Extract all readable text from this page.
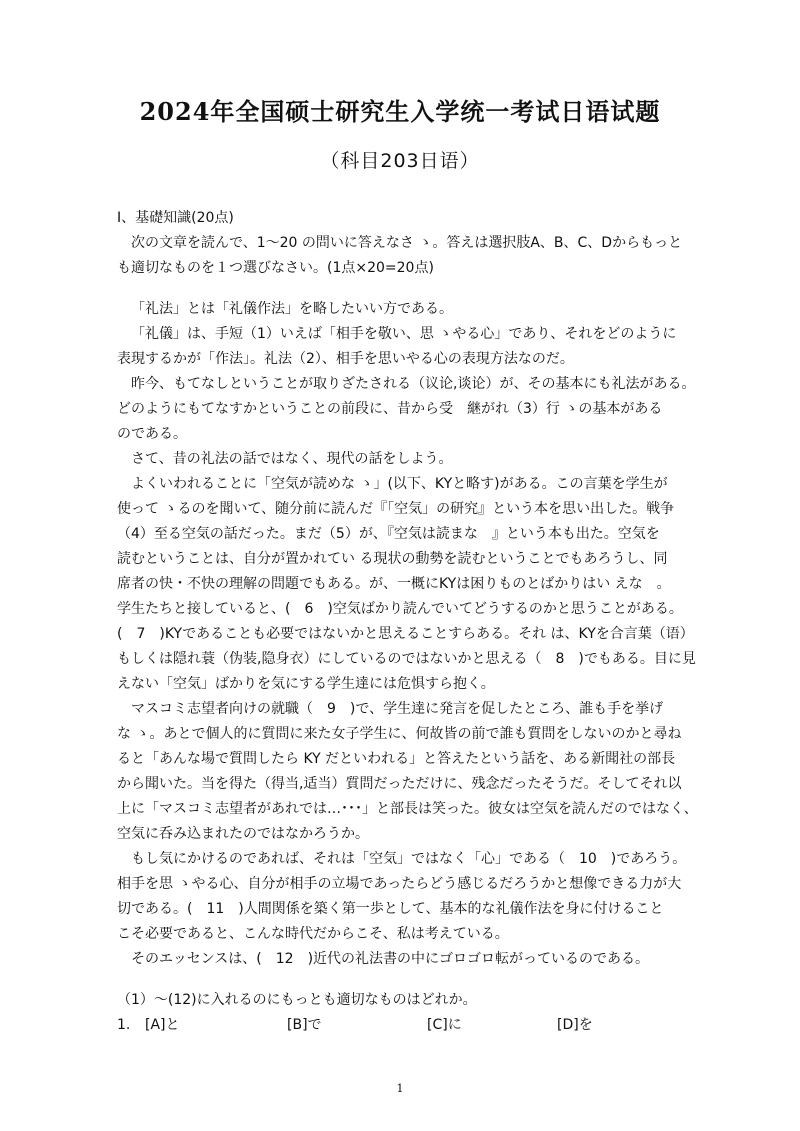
2024年全国硕士研究生入学统一考试日语试题
（科目203日语）
I、基礎知識(20点)
次の文章を読んで、1〜20 の問いに答えなさ ゝ。答えは選択肢A、B、C、Dからもっと
も適切なものを１つ選びなさい。(1点×20=20点)
「礼法」とは「礼儀作法」を略したいい方である。
「礼儀」は、手短（1）いえば「相手を敬い、思 ゝやる心」であり、それをどのように
表現するかが「作法」。礼法（2）、相手を思いやる心の表現方法なのだ。
昨今、もてなしということが取りざたされる（议论,谈论）が、その基本にも礼法がある。
どのようにもてなすかということの前段に、昔から受　継がれ（3）行 ゝの基本がある
のである。
さて、昔の礼法の話ではなく、現代の話をしよう。
よくいわれることに「空気が読めな ゝ」(以下、KYと略す)がある。この言葉を学生が
使って ゝるのを聞いて、随分前に読んだ『「空気」の研究』という本を思い出した。戦争
（4）至る空気の話だった。まだ（5）が、『空気は読まな　』という本も出た。空気を
読むということは、自分が置かれてい る現状の動勢を読むということでもあろうし、同
席者の快・不快の理解の問題でもある。が、一概にKYは困りものとばかりはい えな　。
学生たちと接していると、(　6　)空気ばかり読んでいてどうするのかと思うことがある。
(　7　)KYであることも必要ではないかと思えることすらある。それ は、KYを合言葉（语）
もしくは隠れ蓑（伪装,隐身衣）にしているのではないかと思える（　8　)でもある。目に見
えない「空気」ばかりを気にする学生達には危惧すら抱く。
マスコミ志望者向けの就職（　9　)で、学生達に発言を促したところ、誰も手を挙げ
な ゝ。あとで個人的に質問に来た女子学生に、何故皆の前で誰も質問をしないのかと尋ね
ると「あんな場で質問したら KY だといわれる」と答えたという話を、ある新聞社の部長
から聞いた。当を得た（得当,适当）質問だっただけに、残念だったそうだ。そしてそれ以
上に「マスコミ志望者があれでは…･･･」と部長は笑った。彼女は空気を読んだのではなく、
空気に呑み込まれたのではなかろうか。
もし気にかけるのであれば、それは「空気」ではなく「心」である（　10　)であろう。
相手を思 ゝやる心、自分が相手の立場であったらどう感じるだろうかと想像できる力が大
切である。(　11　)人間関係を築く第一歩として、基本的な礼儀作法を身に付けること
こそ必要であると、こんな時代だからこそ、私は考えている。
そのエッセンスは、(　12　)近代の礼法書の中にゴロゴロ転がっているのである。
（1）〜(12)に入れるのにもっとも適切なものはどれか。
1. [A]と	[B]で	[C]に	[D]を
1
